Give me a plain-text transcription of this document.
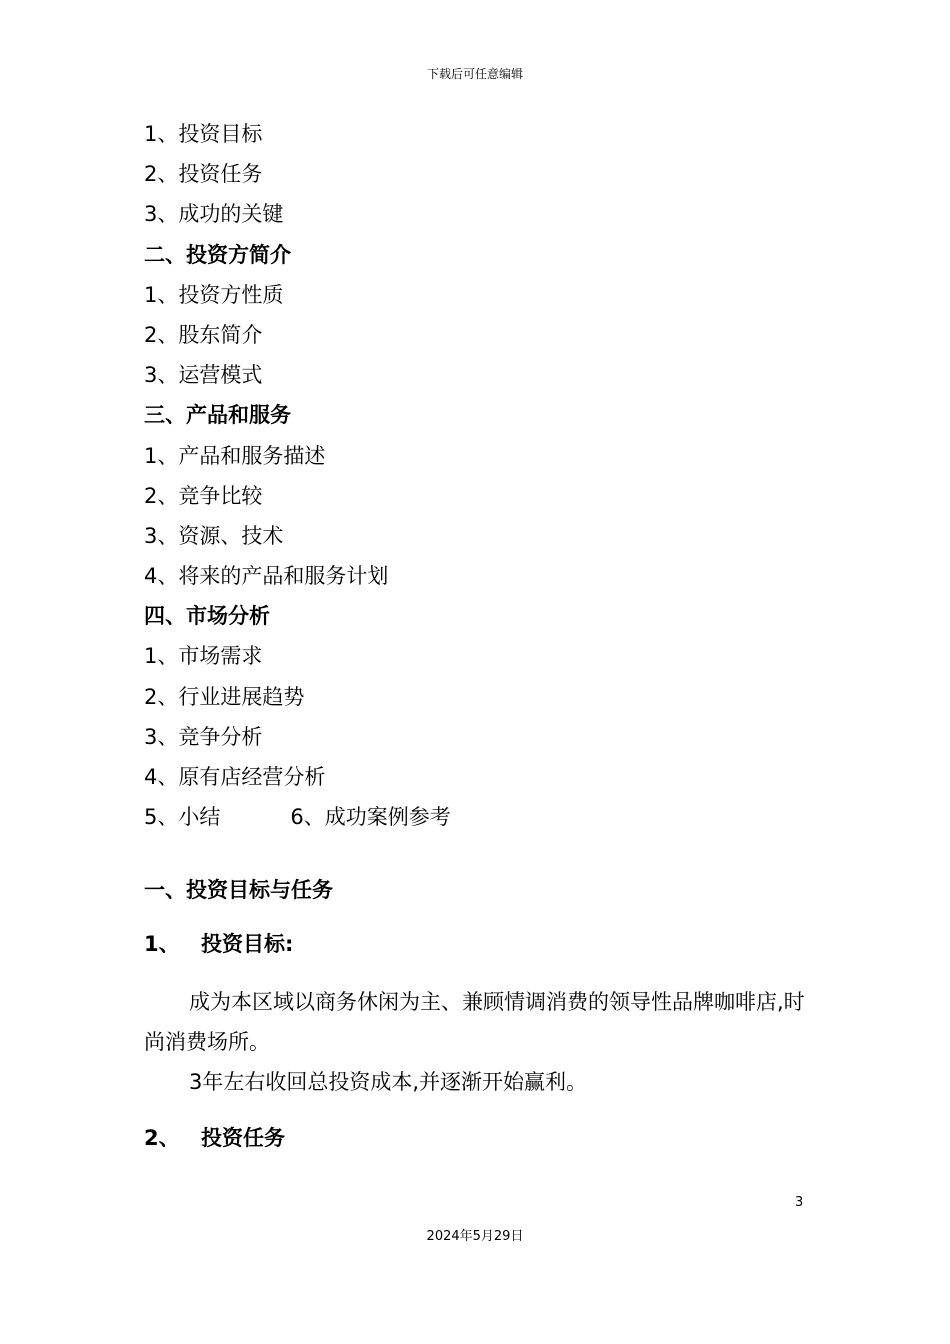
下载后可任意编辑
1、投资目标
2、投资任务
3、成功的关键
二、投资方简介
1、投资方性质
2、股东简介
3、运营模式
三、产品和服务
1、产品和服务描述
2、竞争比较
3、资源、技术
4、将来的产品和服务计划
四、市场分析
1、市场需求
2、行业进展趋势
3、竞争分析
4、原有店经营分析
5、小结	6、成功案例参考
一、投资目标与任务
1、 投资目标:

成为本区域以商务休闲为主、兼顾情调消费的领导性品牌咖啡店,时尚消费场所。

3年左右收回总投资成本,并逐渐开始赢利。

2、 投资任务
3
2024年5月29日
